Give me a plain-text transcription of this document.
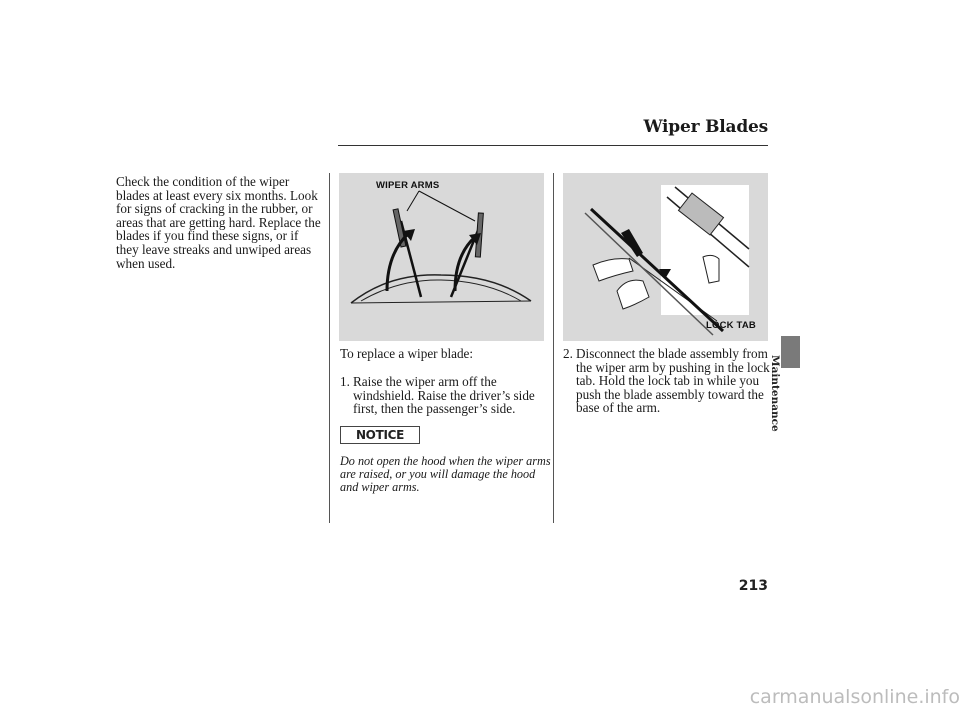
Wiper Blades
Check the condition of the wiper blades at least every six months. Look for signs of cracking in the rubber, or areas that are getting hard. Replace the blades if you find these signs, or if they leave streaks and unwiped areas when used.
WIPER ARMS
LOCK TAB
To replace a wiper blade:
1. Raise the wiper arm off the windshield. Raise the driver’s side first, then the passenger’s side.
2. Disconnect the blade assembly from the wiper arm by pushing in the lock tab. Hold the lock tab in while you push the blade assembly toward the base of the arm.
NOTICE
Do not open the hood when the wiper arms are raised, or you will damage the hood and wiper arms.
Maintenance
213
carmanualsonline.info
